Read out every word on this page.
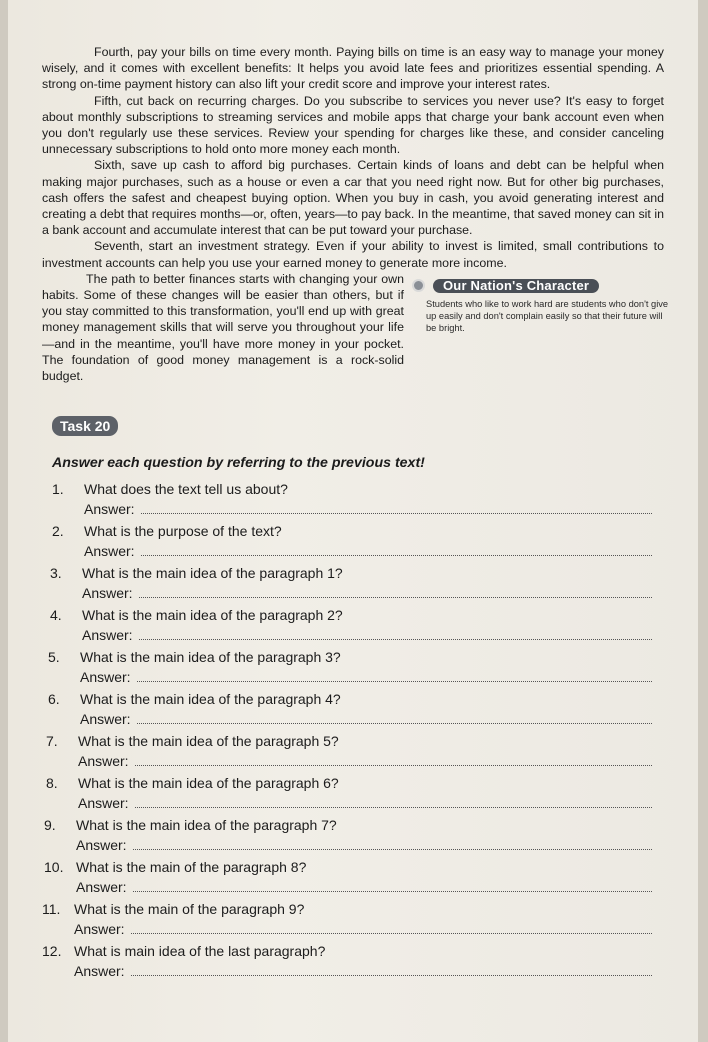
Fourth, pay your bills on time every month. Paying bills on time is an easy way to manage your money wisely, and it comes with excellent benefits: It helps you avoid late fees and prioritizes essential spending. A strong on-time payment history can also lift your credit score and improve your interest rates.

Fifth, cut back on recurring charges. Do you subscribe to services you never use? It's easy to forget about monthly subscriptions to streaming services and mobile apps that charge your bank account even when you don't regularly use these services. Review your spending for charges like these, and consider canceling unnecessary subscriptions to hold onto more money each month.

Sixth, save up cash to afford big purchases. Certain kinds of loans and debt can be helpful when making major purchases, such as a house or even a car that you need right now. But for other big purchases, cash offers the safest and cheapest buying option. When you buy in cash, you avoid generating interest and creating a debt that requires months—or, often, years—to pay back. In the meantime, that saved money can sit in a bank account and accumulate interest that can be put toward your purchase.

Seventh, start an investment strategy. Even if your ability to invest is limited, small contributions to investment accounts can help you use your earned money to generate more income.

The path to better finances starts with changing your own habits. Some of these changes will be easier than others, but if you stay committed to this transformation, you'll end up with great money management skills that will serve you throughout your life—and in the meantime, you'll have more money in your pocket. The foundation of good money management is a rock-solid budget.

Our Nation's Character

Students who like to work hard are students who don't give up easily and don't complain easily so that their future will be bright.

Task 20
Answer each question by referring to the previous text!
1.	What does the text tell us about?
Answer:
2.	What is the purpose of the text?
Answer:
3.	What is the main idea of the paragraph 1?
Answer:
4.	What is the main idea of the paragraph 2?
Answer:
5.	What is the main idea of the paragraph 3?
Answer:
6.	What is the main idea of the paragraph 4?
Answer:
7.	What is the main idea of the paragraph 5?
Answer:
8.	What is the main idea of the paragraph 6?
Answer:
9.	What is the main idea of the paragraph 7?
Answer:
10. What is the main of the paragraph 8?
Answer:
11. What is the main of the paragraph 9?
Answer:
12. What is main idea of the last paragraph?
Answer:
